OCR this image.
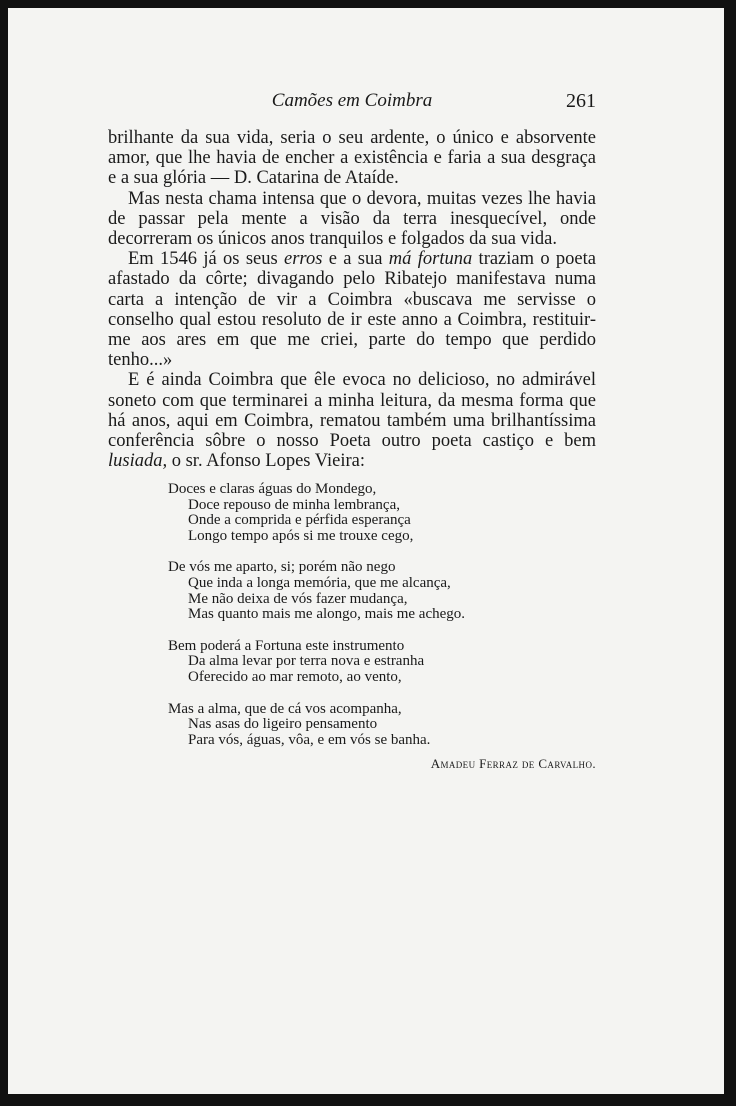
Camões em Coimbra	261

brilhante da sua vida, seria o seu ardente, o único e absorvente amor, que lhe havia de encher a existência e faria a sua desgraça e a sua glória — D. Catarina de Ataíde.

Mas nesta chama intensa que o devora, muitas vezes lhe havia de passar pela mente a visão da terra inesquecível, onde decorreram os únicos anos tranquilos e folgados da sua vida.

Em 1546 já os seus erros e a sua má fortuna traziam o poeta afastado da côrte; divagando pelo Ribatejo manifestava numa carta a intenção de vir a Coimbra «buscava me servisse o conselho qual estou resoluto de ir este anno a Coimbra, restituir-me aos ares em que me criei, parte do tempo que perdido tenho...»

E é ainda Coimbra que êle evoca no delicioso, no admirável soneto com que terminarei a minha leitura, da mesma forma que há anos, aqui em Coimbra, rematou também uma brilhantíssima conferência sôbre o nosso Poeta outro poeta castiço e bem lusiada, o sr. Afonso Lopes Vieira:

Doces e claras águas do Mondego,
Doce repouso de minha lembrança,
Onde a comprida e pérfida esperança
Longo tempo após si me trouxe cego,
De vós me aparto, si; porém não nego
Que inda a longa memória, que me alcança,
Me não deixa de vós fazer mudança,
Mas quanto mais me alongo, mais me achego.
Bem poderá a Fortuna este instrumento
Da alma levar por terra nova e estranha
Oferecido ao mar remoto, ao vento,
Mas a alma, que de cá vos acompanha,
Nas asas do ligeiro pensamento
Para vós, águas, vôa, e em vós se banha.
Amadeu Ferraz de Carvalho.
